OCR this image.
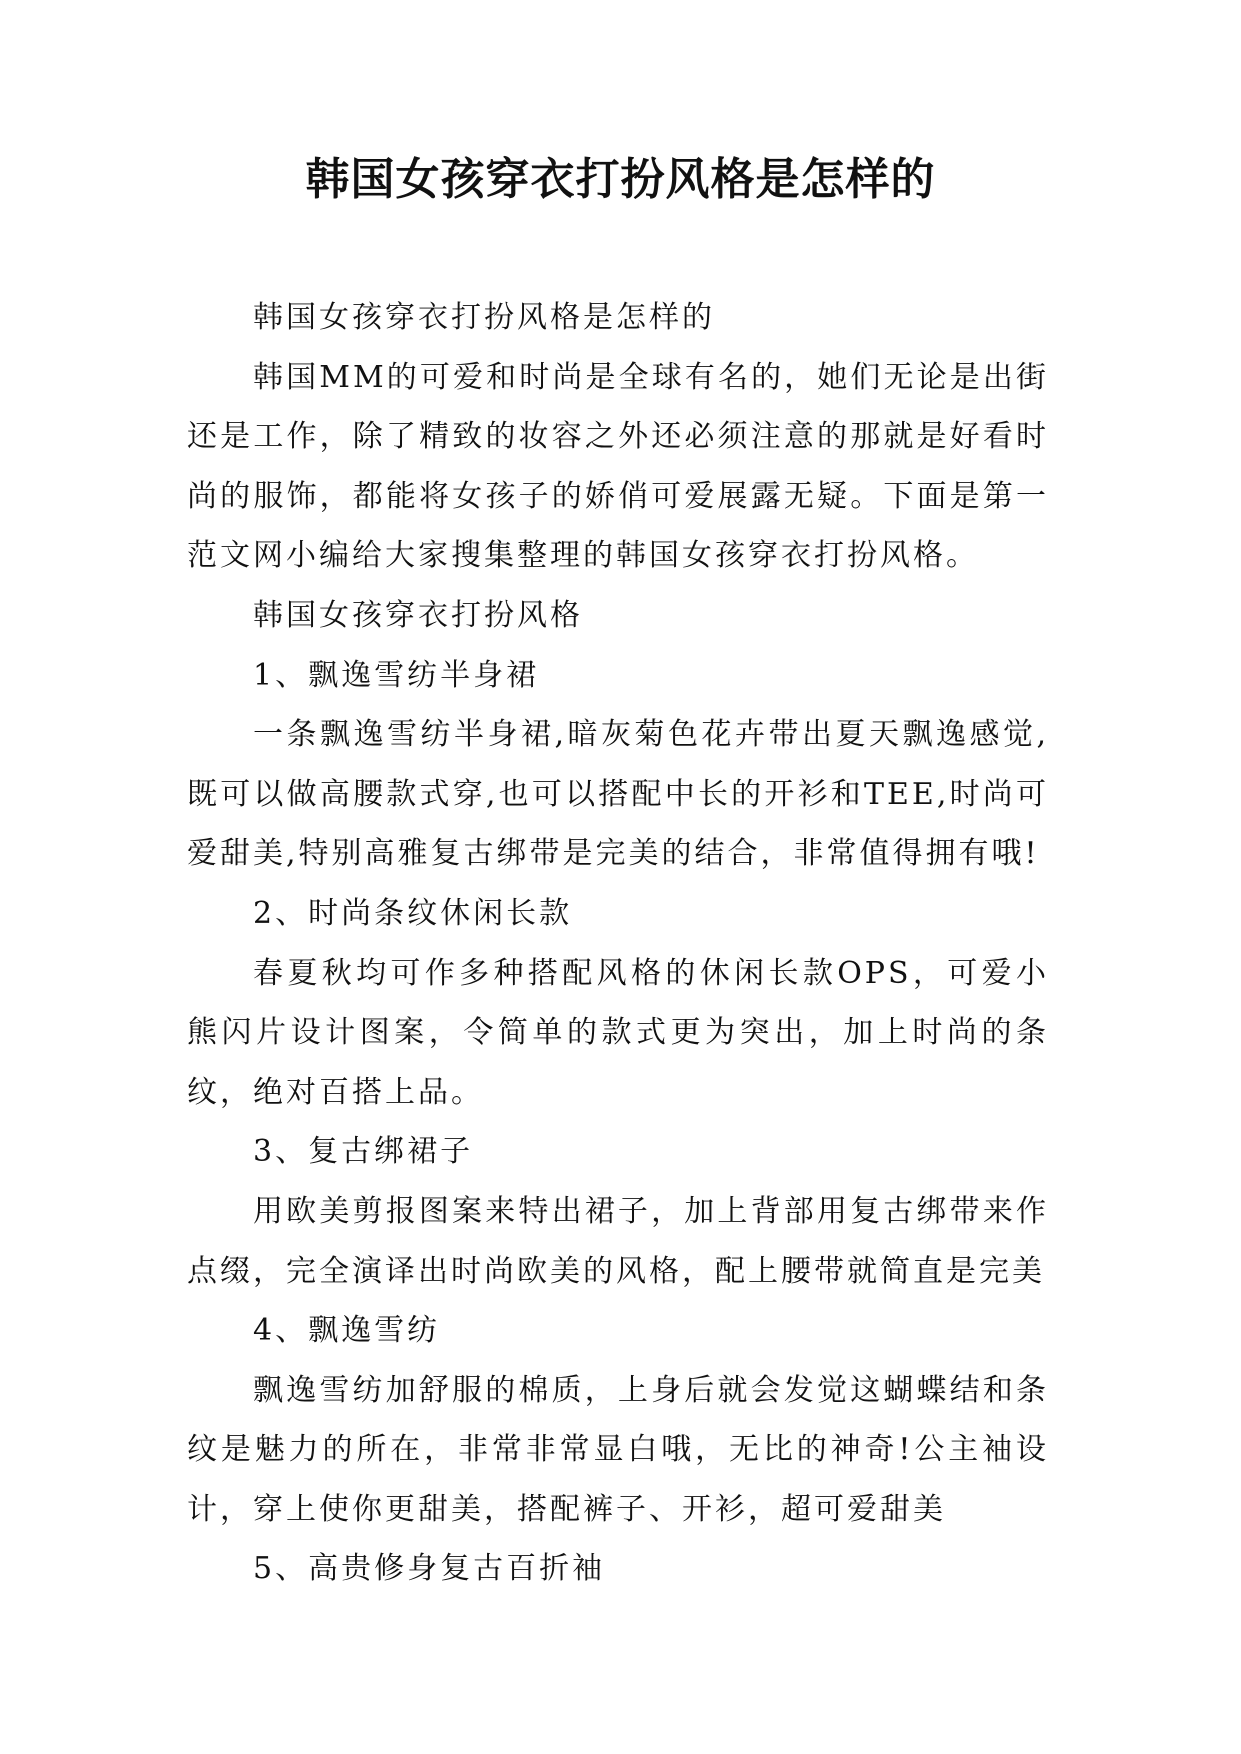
韩国女孩穿衣打扮风格是怎样的

韩国女孩穿衣打扮风格是怎样的

韩国MM的可爱和时尚是全球有名的，她们无论是出街还是工作，除了精致的妆容之外还必须注意的那就是好看时尚的服饰，都能将女孩子的娇俏可爱展露无疑。下面是第一范文网小编给大家搜集整理的韩国女孩穿衣打扮风格。

韩国女孩穿衣打扮风格

1、飘逸雪纺半身裙

一条飘逸雪纺半身裙,暗灰菊色花卉带出夏天飘逸感觉,既可以做高腰款式穿,也可以搭配中长的开衫和TEE,时尚可爱甜美,特别高雅复古绑带是完美的结合，非常值得拥有哦!

2、时尚条纹休闲长款

春夏秋均可作多种搭配风格的休闲长款OPS，可爱小熊闪片设计图案，令简单的款式更为突出，加上时尚的条纹，绝对百搭上品。

3、复古绑裙子

用欧美剪报图案来特出裙子，加上背部用复古绑带来作点缀，完全演译出时尚欧美的风格，配上腰带就简直是完美

4、飘逸雪纺

飘逸雪纺加舒服的棉质，上身后就会发觉这蝴蝶结和条纹是魅力的所在，非常非常显白哦，无比的神奇!公主袖设计，穿上使你更甜美，搭配裤子、开衫，超可爱甜美

5、高贵修身复古百折袖
